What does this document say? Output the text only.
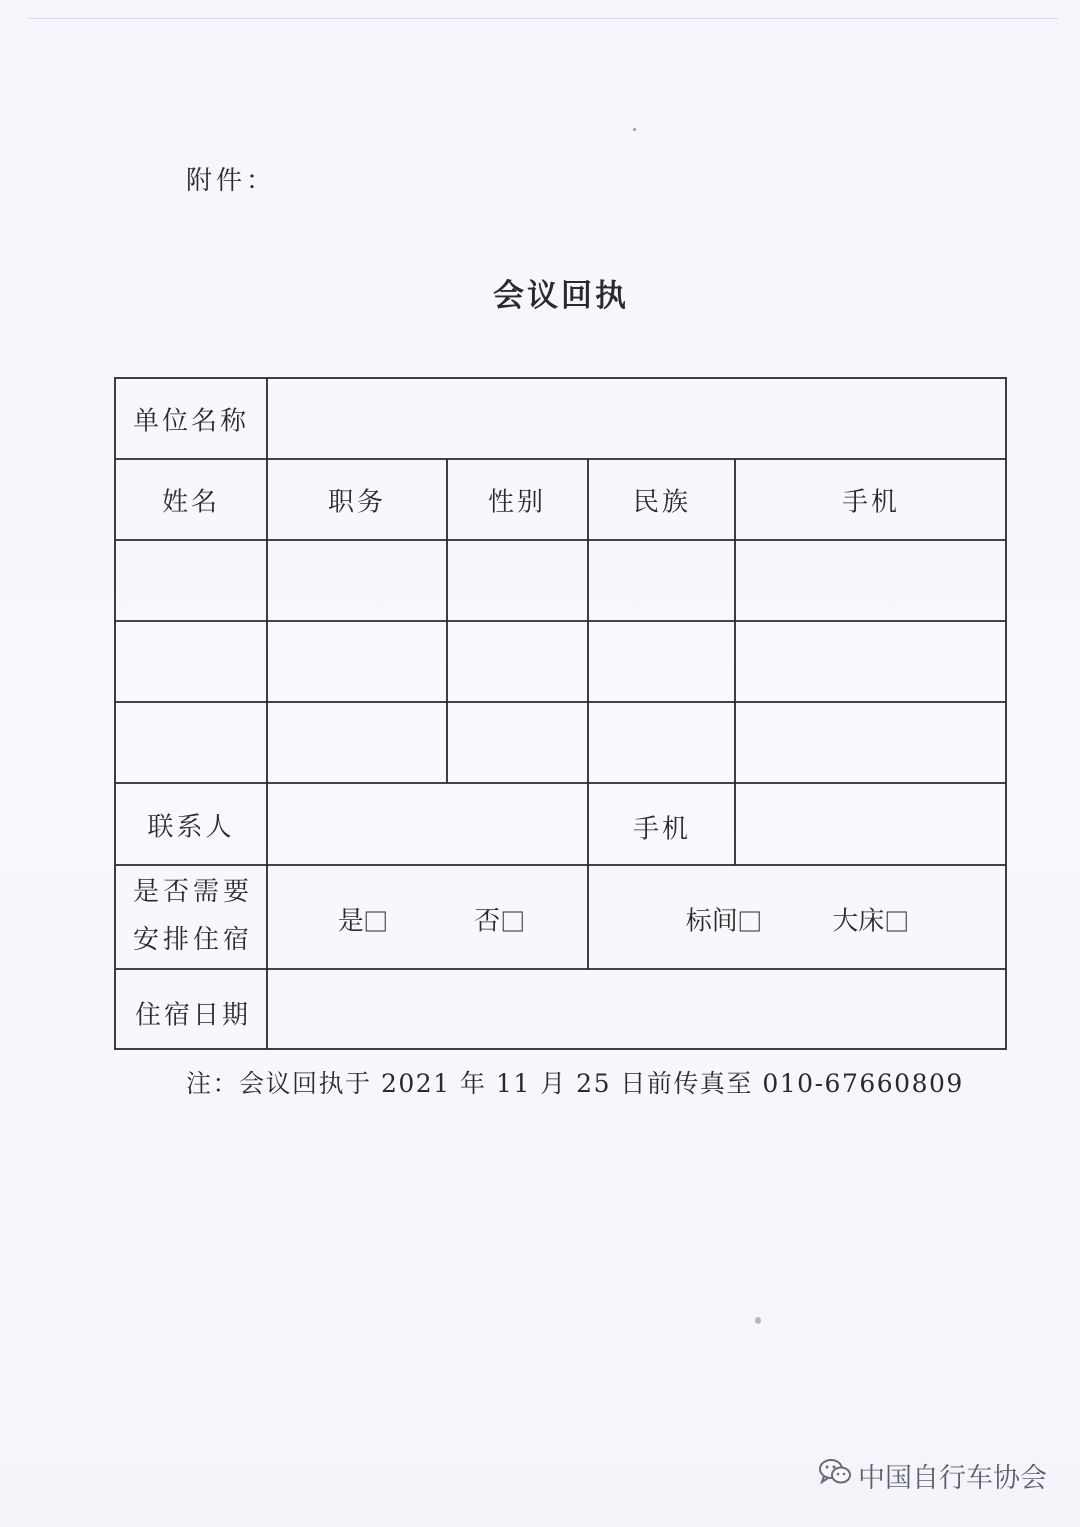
附件：
会议回执
单位名称
姓名	职务	性别	民族	手机
联系人	手机
是否需要
安排住宿
是	否	标间	大床
住宿日期
注：会议回执于 2021 年 11 月 25 日前传真至 010-67660809
中国自行车协会
